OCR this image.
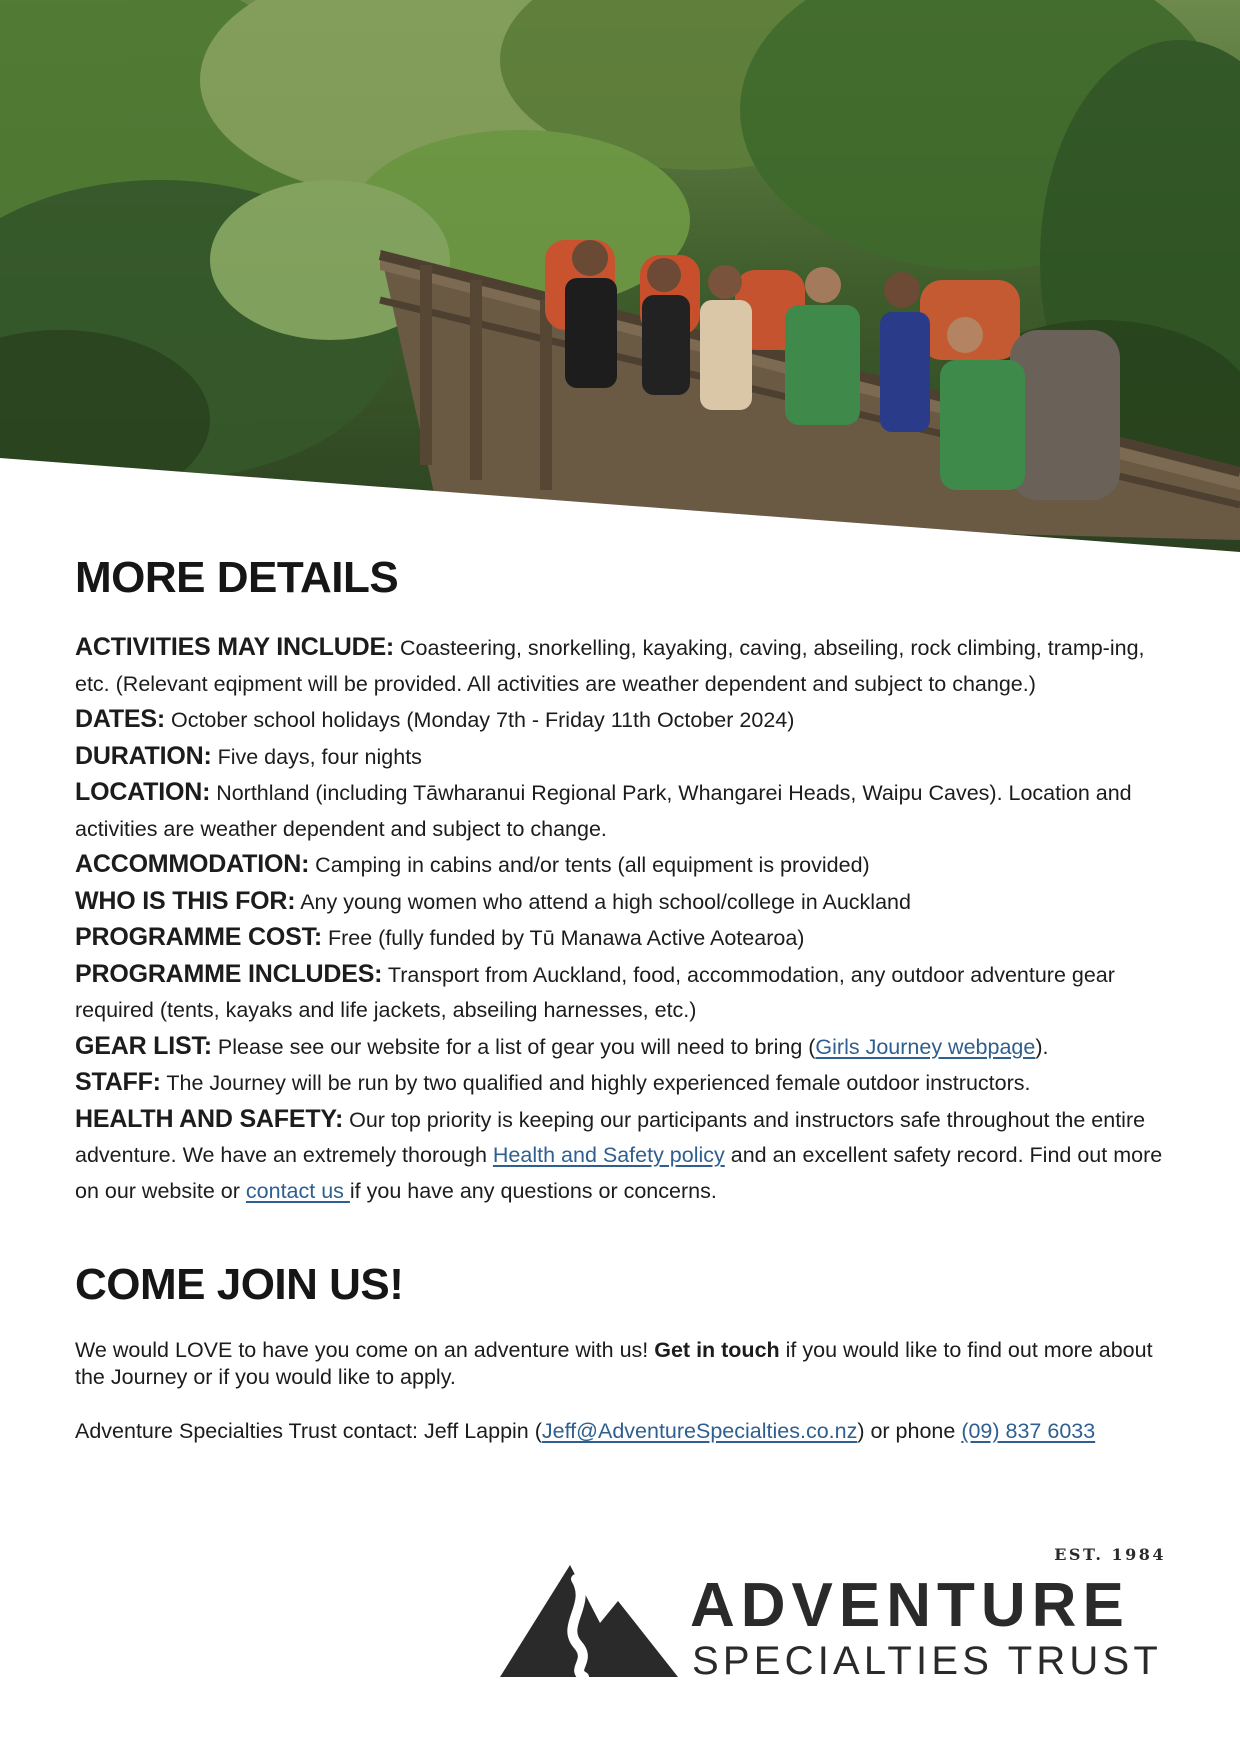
MORE DETAILS
ACTIVITIES MAY INCLUDE: Coasteering, snorkelling, kayaking, caving, abseiling, rock climbing, tramp-ing, etc. (Relevant eqipment will be provided. All activities are weather dependent and subject to change.)
DATES: October school holidays (Monday 7th - Friday 11th October 2024)
DURATION: Five days, four nights
LOCATION: Northland (including Tāwharanui Regional Park, Whangarei Heads, Waipu Caves). Location and activities are weather dependent and subject to change.
ACCOMMODATION: Camping in cabins and/or tents (all equipment is provided)
WHO IS THIS FOR: Any young women who attend a high school/college in Auckland
PROGRAMME COST: Free (fully funded by Tū Manawa Active Aotearoa)
PROGRAMME INCLUDES: Transport from Auckland, food, accommodation, any outdoor adventure gear required (tents, kayaks and life jackets, abseiling harnesses, etc.)
GEAR LIST: Please see our website for a list of gear you will need to bring (Girls Journey webpage).
STAFF: The Journey will be run by two qualified and highly experienced female outdoor instructors.
HEALTH AND SAFETY: Our top priority is keeping our participants and instructors safe throughout the entire adventure. We have an extremely thorough Health and Safety policy and an excellent safety record. Find out more on our website or contact us if you have any questions or concerns.
COME JOIN US!

We would LOVE to have you come on an adventure with us! Get in touch if you would like to find out more about the Journey or if you would like to apply.

Adventure Specialties Trust contact: Jeff Lappin (Jeff@AdventureSpecialties.co.nz) or phone (09) 837 6033

EST. 1984
ADVENTURE
SPECIALTIES TRUST
